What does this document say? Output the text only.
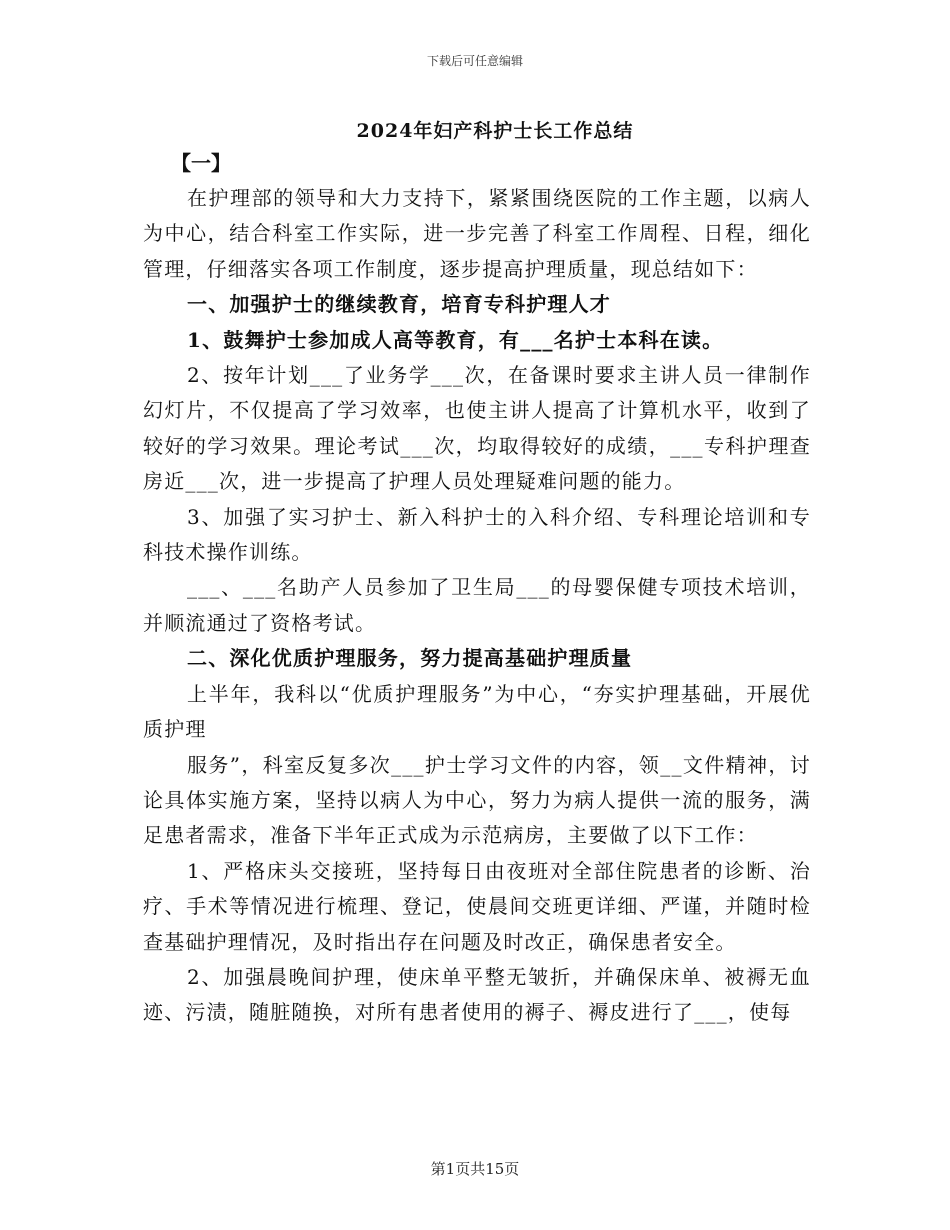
下载后可任意编辑
2024年妇产科护士长工作总结

【一】

在护理部的领导和大力支持下，紧紧围绕医院的工作主题，以病人为中心，结合科室工作实际，进一步完善了科室工作周程、日程，细化管理，仔细落实各项工作制度，逐步提高护理质量，现总结如下：

一、加强护士的继续教育，培育专科护理人才

1、鼓舞护士参加成人高等教育，有___名护士本科在读。

2、按年计划___了业务学___次，在备课时要求主讲人员一律制作幻灯片，不仅提高了学习效率，也使主讲人提高了计算机水平，收到了较好的学习效果。理论考试___次，均取得较好的成绩，___专科护理查房近___次，进一步提高了护理人员处理疑难问题的能力。

3、加强了实习护士、新入科护士的入科介绍、专科理论培训和专科技术操作训练。

___、___名助产人员参加了卫生局___的母婴保健专项技术培训，并顺流通过了资格考试。

二、深化优质护理服务，努力提高基础护理质量

上半年，我科以“优质护理服务”为中心，“夯实护理基础，开展优质护理

服务”，科室反复多次___护士学习文件的内容，领__文件精神，讨论具体实施方案，坚持以病人为中心，努力为病人提供一流的服务，满足患者需求，准备下半年正式成为示范病房，主要做了以下工作：

1、严格床头交接班，坚持每日由夜班对全部住院患者的诊断、治疗、手术等情况进行梳理、登记，使晨间交班更详细、严谨，并随时检查基础护理情况，及时指出存在问题及时改正，确保患者安全。

2、加强晨晚间护理，使床单平整无皱折，并确保床单、被褥无血迹、污渍，随脏随换，对所有患者使用的褥子、褥皮进行了___，使每

第1页共15页
